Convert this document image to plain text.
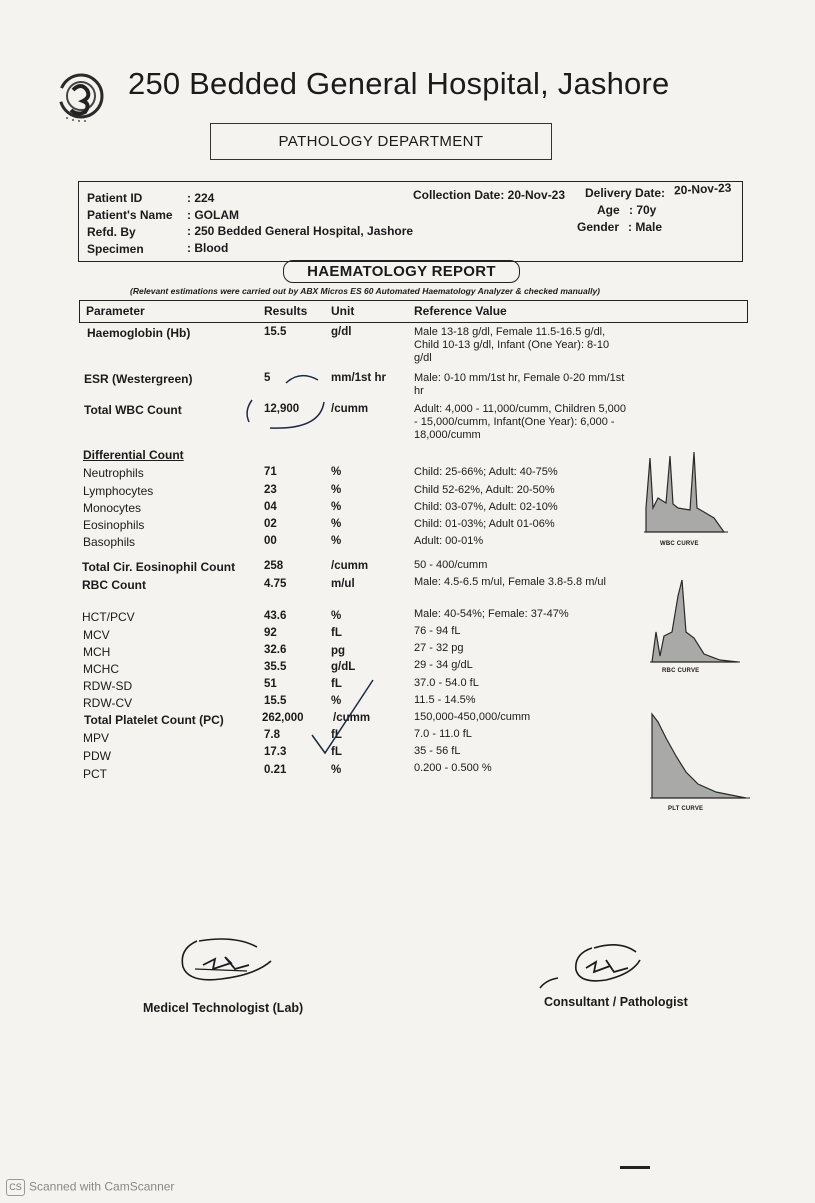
250 Bedded General Hospital, Jashore
PATHOLOGY DEPARTMENT
Patient ID	: 224
Patient's Name : GOLAM
Refd. By	: 250 Bedded General Hospital, Jashore
Specimen	: Blood
Collection Date: 20-Nov-23 Delivery Date: 20-Nov-23
Age : 70y
Gender : Male
HAEMATOLOGY REPORT
(Relevant estimations were carried out by ABX Micros ES 60 Automated Haematology Analyzer & checked manually)
Parameter	Results Unit	Reference Value
Haemoglobin (Hb)	15.5	g/dl	Male 13-18 g/dl, Female 11.5-16.5 g/dl, Child 10-13 g/dl, Infant (One Year): 8-10 g/dl
ESR (Westergreen)	5	mm/1st hr	Male: 0-10 mm/1st hr, Female 0-20 mm/1st hr
Total WBC Count	12,900	/cumm	Adult: 4,000 - 11,000/cumm, Children 5,000 - 15,000/cumm, Infant(One Year): 6,000 - 18,000/cumm
Differential Count
Neutrophils	71	%	Child: 25-66%; Adult: 40-75%
Lymphocytes	23	%	Child 52-62%, Adult: 20-50%
Monocytes	04	%	Child: 03-07%, Adult: 02-10%
Eosinophils	02	%	Child: 01-03%; Adult 01-06%
Basophils	00	%	Adult: 00-01%
Total Cir. Eosinophil Count	258	/cumm	50 - 400/cumm
RBC Count	4.75	m/ul	Male: 4.5-6.5 m/ul, Female 3.8-5.8 m/ul
HCT/PCV	43.6	%	Male: 40-54%; Female: 37-47%
MCV	92	fL	76 - 94 fL
MCH	32.6	pg	27 - 32 pg
MCHC	35.5	g/dL	29 - 34 g/dL
RDW-SD	51	fL	37.0 - 54.0 fL
RDW-CV	15.5	%	11.5 - 14.5%
Total Platelet Count (PC)	262,000	/cumm	150,000-450,000/cumm
MPV	7.8	fL	7.0 - 11.0 fL
PDW	17.3	fL	35 - 56 fL
PCT	0.21	%	0.200 - 0.500 %
WBC CURVE
RBC CURVE
PLT CURVE
Medicel Technologist (Lab)	Consultant / Pathologist
CS Scanned with CamScanner
